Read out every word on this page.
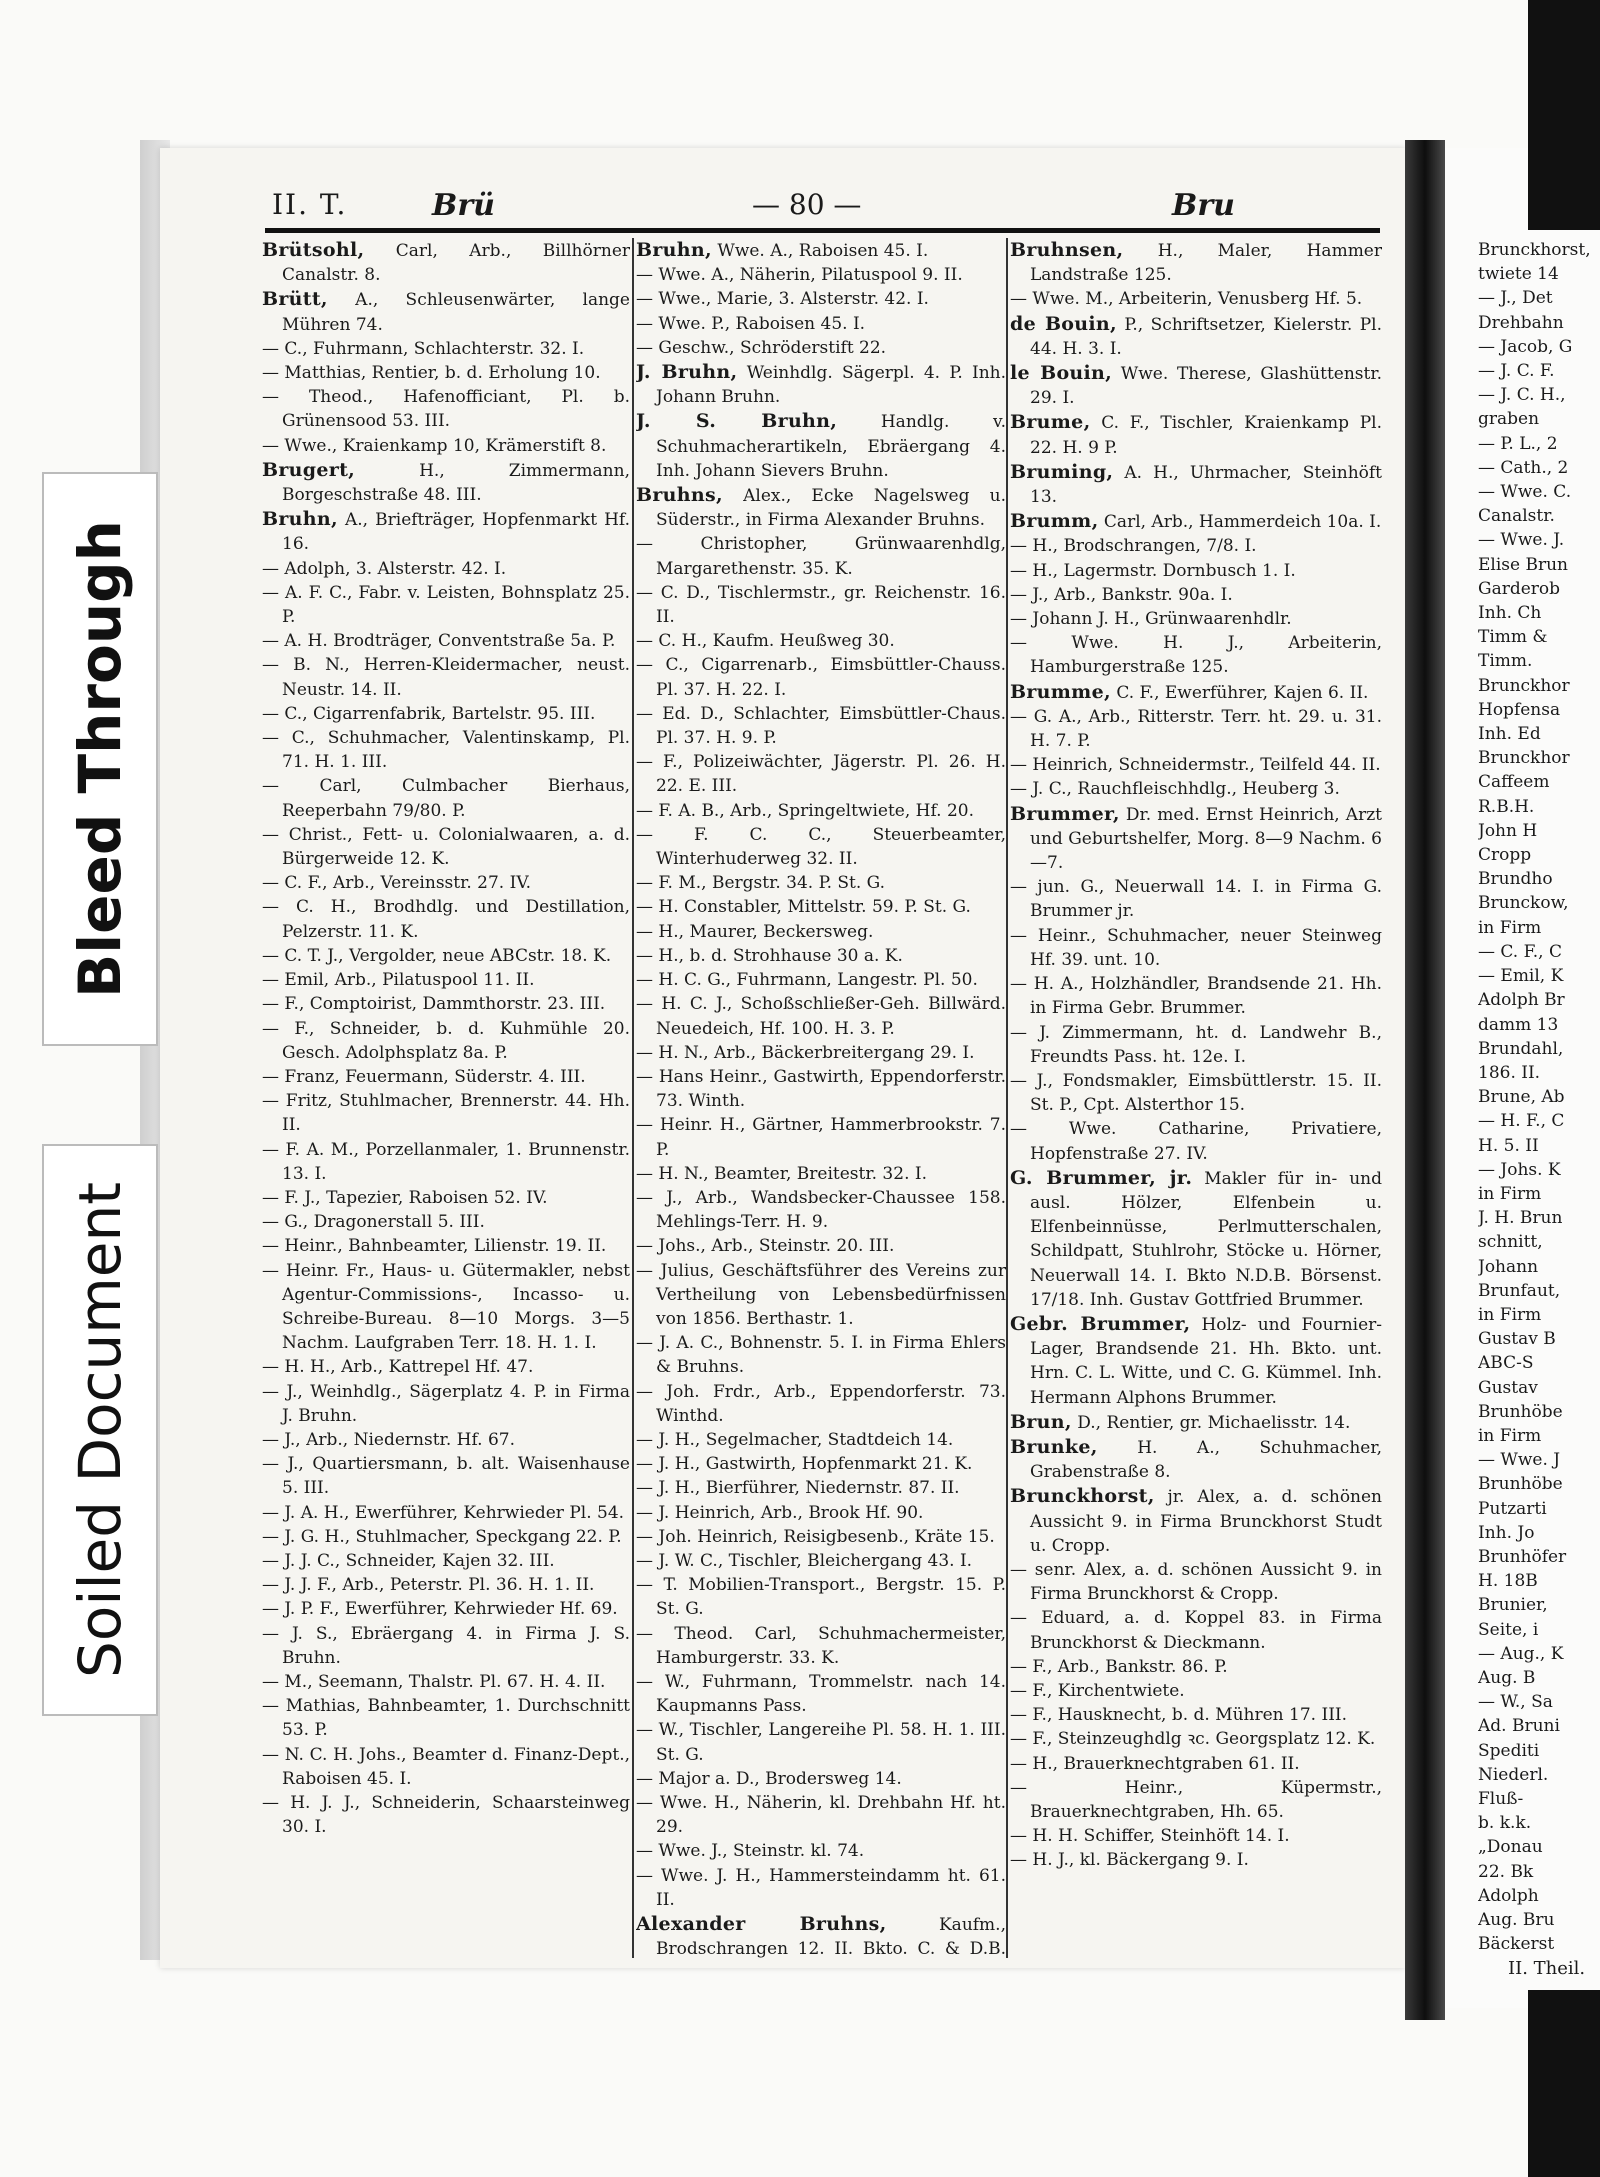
II. T.	Brü	— 80 —	Bru

Brütsohl, Carl, Arb., Billhörner Canalstr. 8.

Brütt, A., Schleusenwärter, lange Mühren 74.

— C., Fuhrmann, Schlachterstr. 32. I.

— Matthias, Rentier, b. d. Erholung 10.

— Theod., Hafenofficiant, Pl. b. Grünensood 53. III.

— Wwe., Kraienkamp 10, Krämerstift 8.

Brugert,	H., Zimmermann, Borgeschstraße 48. III.

Bruhn, A., Briefträger, Hopfenmarkt Hf. 16.

— Adolph, 3. Alsterstr. 42. I.

— A. F. C., Fabr. v. Leisten, Bohnsplatz 25. P.

— A. H. Brodträger, Conventstraße 5a. P.

— B. N., Herren-Kleidermacher, neust. Neustr. 14. II.

— C., Cigarrenfabrik, Bartelstr. 95. III.

— C., Schuhmacher, Valentinskamp, Pl. 71. H. 1. III.

— Carl, Culmbacher Bierhaus, Reeperbahn 79/80. P.

— Christ., Fett- u. Colonialwaaren, a. d. Bürgerweide 12. K.

— C. F., Arb., Vereinsstr. 27. IV.

— C. H., Brodhdlg. und Destillation, Pelzerstr. 11. K.

— C. T. J., Vergolder, neue ABCstr. 18. K.

— Emil, Arb., Pilatuspool 11. II.

— F., Comptoirist, Dammthorstr. 23. III.

— F., Schneider, b. d. Kuhmühle 20. Gesch. Adolphsplatz 8a. P.

— Franz, Feuermann, Süderstr. 4. III.

— Fritz, Stuhlmacher, Brennerstr. 44. Hh. II.

— F. A. M., Porzellanmaler, 1. Brunnenstr. 13. I.

— F. J., Tapezier, Raboisen 52. IV.

— G., Dragonerstall 5. III.

— Heinr., Bahnbeamter, Lilienstr. 19. II.

— Heinr. Fr., Haus- u. Gütermakler, nebst Agentur-Commissions-, Incasso- u. Schreibe-Bureau. 8—10 Morgs. 3—5 Nachm. Laufgraben Terr. 18. H. 1. I.

— H. H., Arb., Kattrepel Hf. 47.

— J., Weinhdlg., Sägerplatz 4. P. in Firma J. Bruhn.

— J., Arb., Niedernstr. Hf. 67.

— J., Quartiersmann, b. alt. Waisenhause 5. III.

— J. A. H., Ewerführer, Kehrwieder Pl. 54.

— J. G. H., Stuhlmacher, Speckgang 22. P.

— J. J. C., Schneider, Kajen 32. III.

— J. J. F., Arb., Peterstr. Pl. 36. H. 1. II.

— J. P. F., Ewerführer, Kehrwieder Hf. 69.

— J. S., Ebräergang 4. in Firma J. S. Bruhn.

— M., Seemann, Thalstr. Pl. 67. H. 4. II.

— Mathias, Bahnbeamter, 1. Durchschnitt 53. P.

— N. C. H. Johs., Beamter d. Finanz-Dept., Raboisen 45. I.

— H. J. J., Schneiderin, Schaarsteinweg 30. I.

Bruhn, Wwe. A., Raboisen 45. I.

— Wwe. A., Näherin, Pilatuspool 9. II.

— Wwe., Marie, 3. Alsterstr. 42. I.

— Wwe. P., Raboisen 45. I.

— Geschw., Schröderstift 22.

J. Bruhn, Weinhdlg. Sägerpl. 4. P. Inh. Johann Bruhn.

J. S. Bruhn,	Handlg. v. Schuhmacherartikeln, Ebräergang 4. Inh. Johann Sievers Bruhn.

Bruhns, Alex., Ecke Nagelsweg u. Süderstr., in Firma Alexander Bruhns.

— Christopher, Grünwaarenhdlg, Margarethenstr. 35. K.

— C. D., Tischlermstr., gr. Reichenstr. 16. II.

— C. H., Kaufm. Heußweg 30.

— C., Cigarrenarb., Eimsbüttler-Chauss. Pl. 37. H. 22. I.

— Ed. D., Schlachter, Eimsbüttler-Chaus. Pl. 37. H. 9. P.

— F., Polizeiwächter, Jägerstr. Pl. 26. H. 22. E. III.

— F. A. B., Arb., Springeltwiete, Hf. 20.

— F. C. C., Steuerbeamter, Winterhuderweg 32. II.

— F. M., Bergstr. 34. P. St. G.

— H. Constabler, Mittelstr. 59. P. St. G.

— H., Maurer, Beckersweg.

— H., b. d. Strohhause 30 a. K.

— H. C. G., Fuhrmann, Langestr. Pl. 50.

— H. C. J., Schoßschließer-Geh. Billwärd. Neuedeich, Hf. 100. H. 3. P.

— H. N., Arb., Bäckerbreitergang 29. I.

— Hans Heinr., Gastwirth, Eppendorferstr. 73. Winth.

— Heinr. H., Gärtner, Hammerbrookstr. 7. P.

— H. N., Beamter, Breitestr. 32. I.

— J., Arb., Wandsbecker-Chaussee 158. Mehlings-Terr. H. 9.

— Johs., Arb., Steinstr. 20. III.

— Julius, Geschäftsführer des Vereins zur Vertheilung von Lebensbedürfnissen von 1856. Berthastr. 1.

— J. A. C., Bohnenstr. 5. I. in Firma Ehlers & Bruhns.

— Joh. Frdr., Arb., Eppendorferstr. 73. Winthd.

— J. H., Segelmacher, Stadtdeich 14.

— J. H., Gastwirth, Hopfenmarkt 21. K.

— J. H., Bierführer, Niedernstr. 87. II.

— J. Heinrich, Arb., Brook Hf. 90.

— Joh. Heinrich, Reisigbesenb., Kräte 15.

— J. W. C., Tischler, Bleichergang 43. I.

— T. Mobilien-Transport., Bergstr. 15. P. St. G.

— Theod. Carl, Schuhmachermeister, Hamburgerstr. 33. K.

— W., Fuhrmann, Trommelstr. nach 14. Kaupmanns Pass.

— W., Tischler, Langereihe Pl. 58. H. 1. III. St. G.

— Major a. D., Brodersweg 14.

— Wwe. H., Näherin, kl. Drehbahn Hf. ht. 29.

— Wwe. J., Steinstr. kl. 74.

— Wwe. J. H., Hammersteindamm ht. 61. II.

Alexander Bruhns,	Kaufm., Brodschrangen 12. II. Bkto. C. & D.B.

Bruhnsen, H., Maler, Hammer Landstraße 125.

— Wwe. M., Arbeiterin, Venusberg Hf. 5.

de Bouin, P., Schriftsetzer, Kielerstr. Pl. 44. H. 3. I.

le Bouin, Wwe. Therese, Glashüttenstr. 29. I.

Brume, C. F., Tischler, Kraienkamp Pl. 22. H. 9 P.

Bruming, A. H., Uhrmacher, Steinhöft 13.

Brumm, Carl, Arb., Hammerdeich 10a. I.

— H., Brodschrangen, 7/8. I.

— H., Lagermstr. Dornbusch 1. I.

— J., Arb., Bankstr. 90a. I.

— Johann J. H., Grünwaarenhdlr.

— Wwe. H. J., Arbeiterin, Hamburgerstraße 125.

Brumme, C. F., Ewerführer, Kajen 6. II.

— G. A., Arb., Ritterstr. Terr. ht. 29. u. 31. H. 7. P.

— Heinrich, Schneidermstr., Teilfeld 44. II.

— J. C., Rauchfleischhdlg., Heuberg 3.

Brummer, Dr. med. Ernst Heinrich, Arzt und Geburtshelfer, Morg. 8—9 Nachm. 6—7.

— jun. G., Neuerwall 14. I. in Firma G. Brummer jr.

— Heinr., Schuhmacher, neuer Steinweg Hf. 39. unt. 10.

— H. A., Holzhändler, Brandsende 21. Hh. in Firma Gebr. Brummer.

— J. Zimmermann, ht. d. Landwehr B., Freundts Pass. ht. 12e. I.

— J., Fondsmakler, Eimsbüttlerstr. 15. II. St. P., Cpt. Alsterthor 15.

— Wwe. Catharine, Privatiere, Hopfenstraße 27. IV.

G. Brummer, jr. Makler für in- und ausl. Hölzer, Elfenbein u. Elfenbeinnüsse, Perlmutterschalen, Schildpatt, Stuhlrohr, Stöcke u. Hörner, Neuerwall 14. I. Bkto N.D.B. Börsenst. 17/18. Inh. Gustav Gottfried Brummer.

Gebr. Brummer, Holz- und Fournier-Lager, Brandsende 21. Hh. Bkto. unt. Hrn. C. L. Witte, und C. G. Kümmel. Inh. Hermann Alphons Brummer.

Brun, D., Rentier, gr. Michaelisstr. 14.

Brunke, H. A., Schuhmacher, Grabenstraße 8.

Brunckhorst, jr. Alex, a. d. schönen Aussicht 9. in Firma Brunckhorst Studt u. Cropp.

— senr. Alex, a. d. schönen Aussicht 9. in Firma Brunckhorst & Cropp.

— Eduard, a. d. Koppel 83. in Firma Brunckhorst & Dieckmann.

— F., Arb., Bankstr. 86. P.

— F., Kirchentwiete.

— F., Hausknecht, b. d. Mühren 17. III.

— F., Steinzeughdlg ꝛc. Georgsplatz 12. K.

— H., Brauerknechtgraben 61. II.

— Heinr., Küpermstr., Brauerknechtgraben, Hh. 65.

— H. H. Schiffer, Steinhöft 14. I.

— H. J., kl. Bäckergang 9. I.

Brunckhorst,
twiete 14
— J., Det
Drehbahn
— Jacob, G
— J. C. F.
— J. C. H.,
graben
— P. L., 2
— Cath., 2
— Wwe. C.
Canalstr.
— Wwe. J.
Elise Brun
Garderob
Inh. Ch
Timm &
Timm.
Brunckhor
Hopfensa
Inh. Ed
Brunckhor
Caffeem
R.B.H.
John H
Cropp
Brundho
Brunckow,
in Firm
— C. F., C
— Emil, K
Adolph Br
damm 13
Brundahl,
186. II.
Brune, Ab
— H. F., C
H. 5. II
— Johs. K
in Firm
J. H. Brun
schnitt,
Johann
Brunfaut,
in Firm
Gustav B
ABC-S
Gustav
Brunhöbe
in Firm
— Wwe. J
Brunhöbe
Putzarti
Inh. Jo
Brunhöfer
H. 18B
Brunier,
Seite, i
— Aug., K
Aug. B
— W., Sa
Ad. Bruni
Spediti
Niederl.
Fluß-
b. k.k.
„Donau
22. Bk
Adolph
Aug. Bru
Bäckerst
II. Theil.
Bleed Through
Soiled Document
